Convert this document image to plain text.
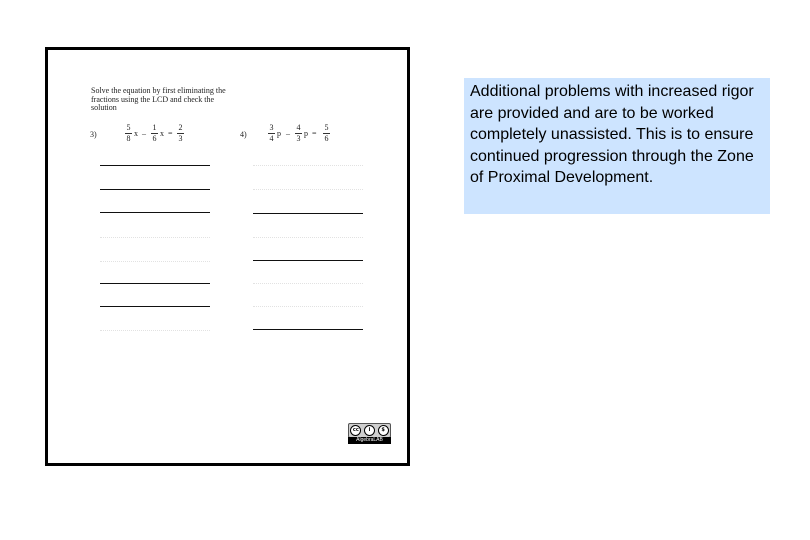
Solve the equation by first eliminating the fractions using the LCD and check the solution
3)
5
8
x –
1
6
x =
2
3	4)
3
4
p –
4
3
p =
5
6
cc	i	$
AlgebraLAB
Additional problems with increased rigor are provided and are to be worked completely unassisted. This is to ensure continued progression through the Zone of Proximal Development.
